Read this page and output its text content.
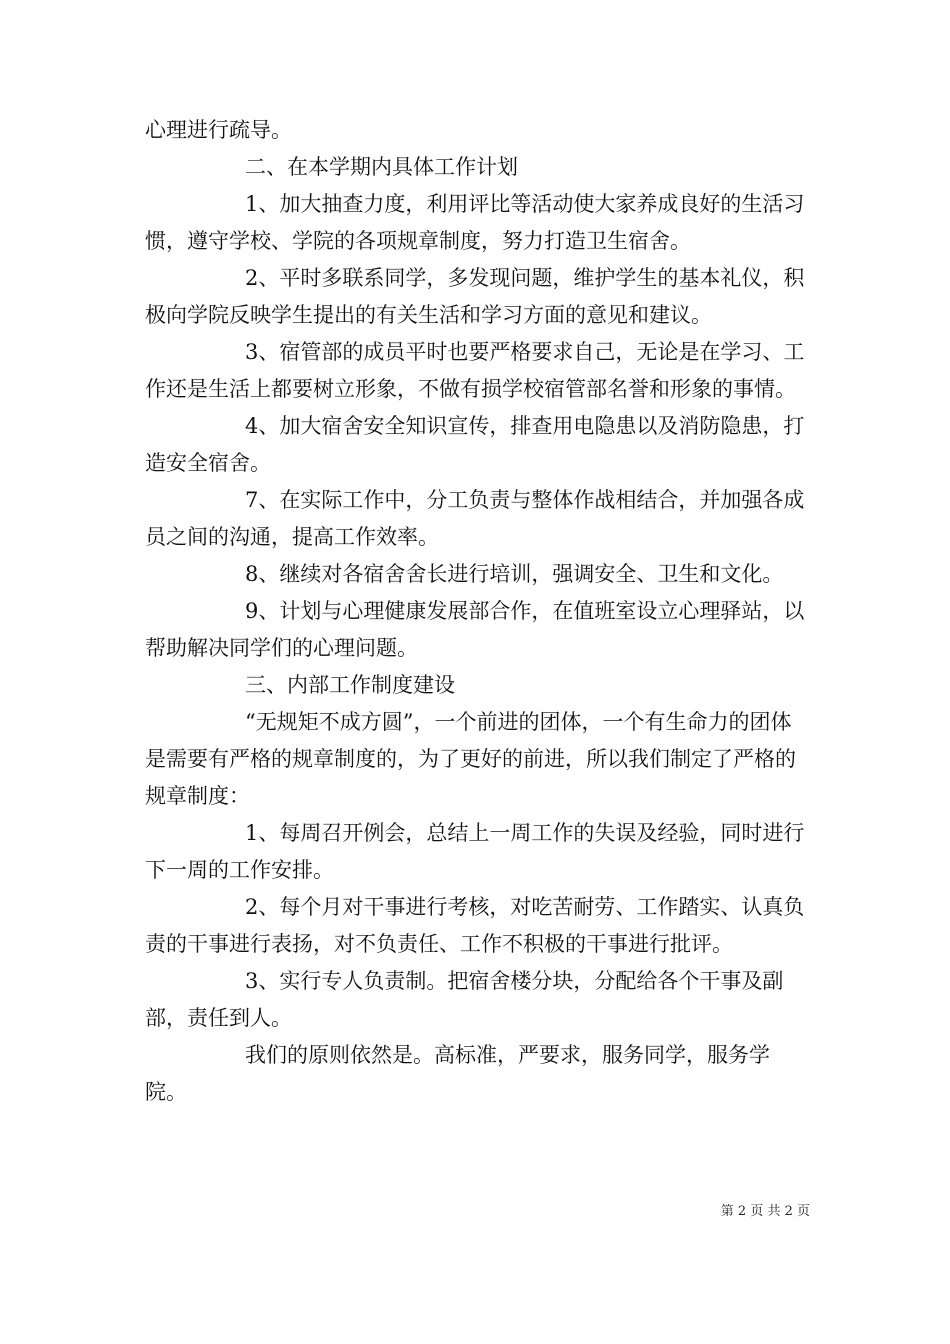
心理进行疏导。

二、在本学期内具体工作计划

1、加大抽查力度，利用评比等活动使大家养成良好的生活习惯，遵守学校、学院的各项规章制度，努力打造卫生宿舍。

2、平时多联系同学，多发现问题，维护学生的基本礼仪，积极向学院反映学生提出的有关生活和学习方面的意见和建议。

3、宿管部的成员平时也要严格要求自己，无论是在学习、工作还是生活上都要树立形象，不做有损学校宿管部名誉和形象的事情。

4、加大宿舍安全知识宣传，排查用电隐患以及消防隐患，打造安全宿舍。

7、在实际工作中，分工负责与整体作战相结合，并加强各成员之间的沟通，提高工作效率。

8、继续对各宿舍舍长进行培训，强调安全、卫生和文化。

9、计划与心理健康发展部合作，在值班室设立心理驿站，以帮助解决同学们的心理问题。

三、内部工作制度建设

“无规矩不成方圆”，一个前进的团体，一个有生命力的团体是需要有严格的规章制度的，为了更好的前进，所以我们制定了严格的规章制度：

1、每周召开例会，总结上一周工作的失误及经验，同时进行下一周的工作安排。

2、每个月对干事进行考核，对吃苦耐劳、工作踏实、认真负责的干事进行表扬，对不负责任、工作不积极的干事进行批评。

3、实行专人负责制。把宿舍楼分块，分配给各个干事及副部，责任到人。

我们的原则依然是。高标准，严要求，服务同学，服务学院。

第 2 页 共 2 页
